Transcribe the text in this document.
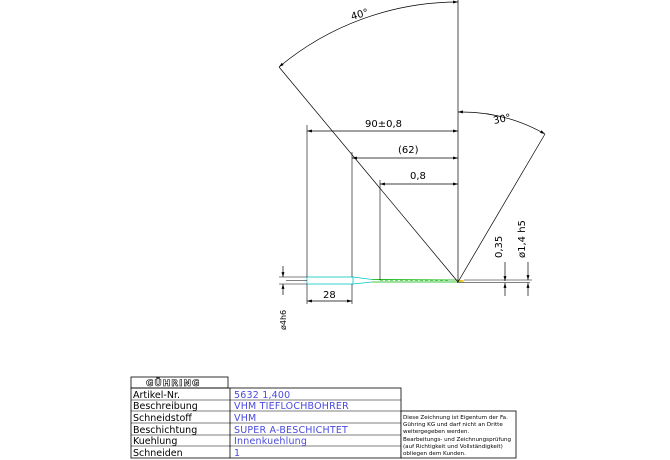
40°
30°
90±0,8
(62)
0,8
28
ø4h6
0,35 ø1,4 h5
GÜHRING
Artikel-Nr.	5632 1,400
Beschreibung	VHM TIEFLOCHBOHRER
Schneidstoff	VHM
Beschichtung	SUPER A-BESCHICHTET
Kuehlung	Innenkuehlung
Schneiden	1
Diese Zeichnung ist Eigentum der Fa.
Gühring KG und darf nicht an Dritte
weitergegeben werden.
Bearbeitungs- und Zeichnungsprüfung
(auf Richtigkeit und Vollständigkeit)
obliegen dem Kunden.
